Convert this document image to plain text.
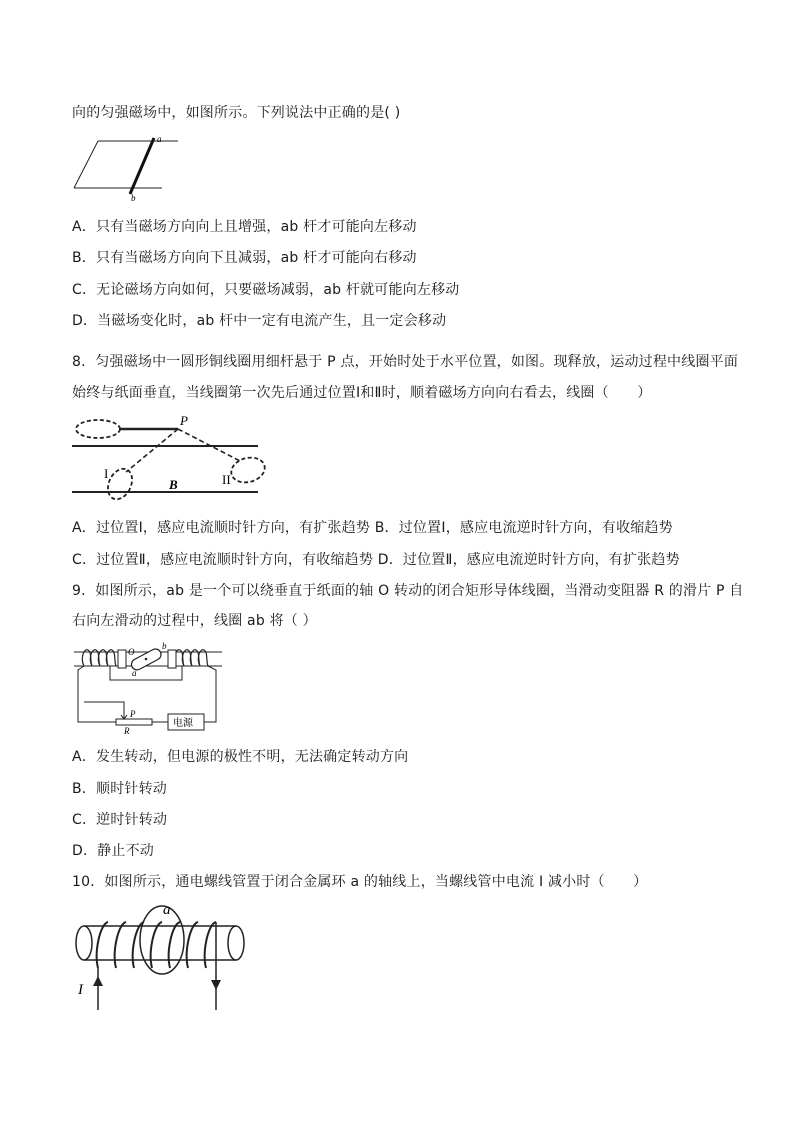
向的匀强磁场中，如图所示。下列说法中正确的是( )
a
b
A．只有当磁场方向向上且增强，ab 杆才可能向左移动
B．只有当磁场方向向下且减弱，ab 杆才可能向右移动
C．无论磁场方向如何，只要磁场减弱，ab 杆就可能向左移动
D．当磁场变化时，ab 杆中一定有电流产生，且一定会移动
8．匀强磁场中一圆形铜线圈用细杆悬于 P 点，开始时处于水平位置，如图。现释放，运动过程中线圈平面
始终与纸面垂直，当线圈第一次先后通过位置Ⅰ和Ⅱ时，顺着磁场方向向右看去，线圈（　　）
P
I	II
B
A．过位置Ⅰ，感应电流顺时针方向，有扩张趋势 B．过位置Ⅰ，感应电流逆时针方向，有收缩趋势
C．过位置Ⅱ，感应电流顺时针方向，有收缩趋势 D．过位置Ⅱ，感应电流逆时针方向，有扩张趋势
9．如图所示，ab 是一个可以绕垂直于纸面的轴 O 转动的闭合矩形导体线圈，当滑动变阻器 R 的滑片 P 自
右向左滑动的过程中，线圈 ab 将（ ）
O
a
b
P
R
电源
A．发生转动，但电源的极性不明，无法确定转动方向
B．顺时针转动
C．逆时针转动
D．静止不动
10．如图所示，通电螺线管置于闭合金属环 a 的轴线上，当螺线管中电流 I 减小时（　　）
a
I
